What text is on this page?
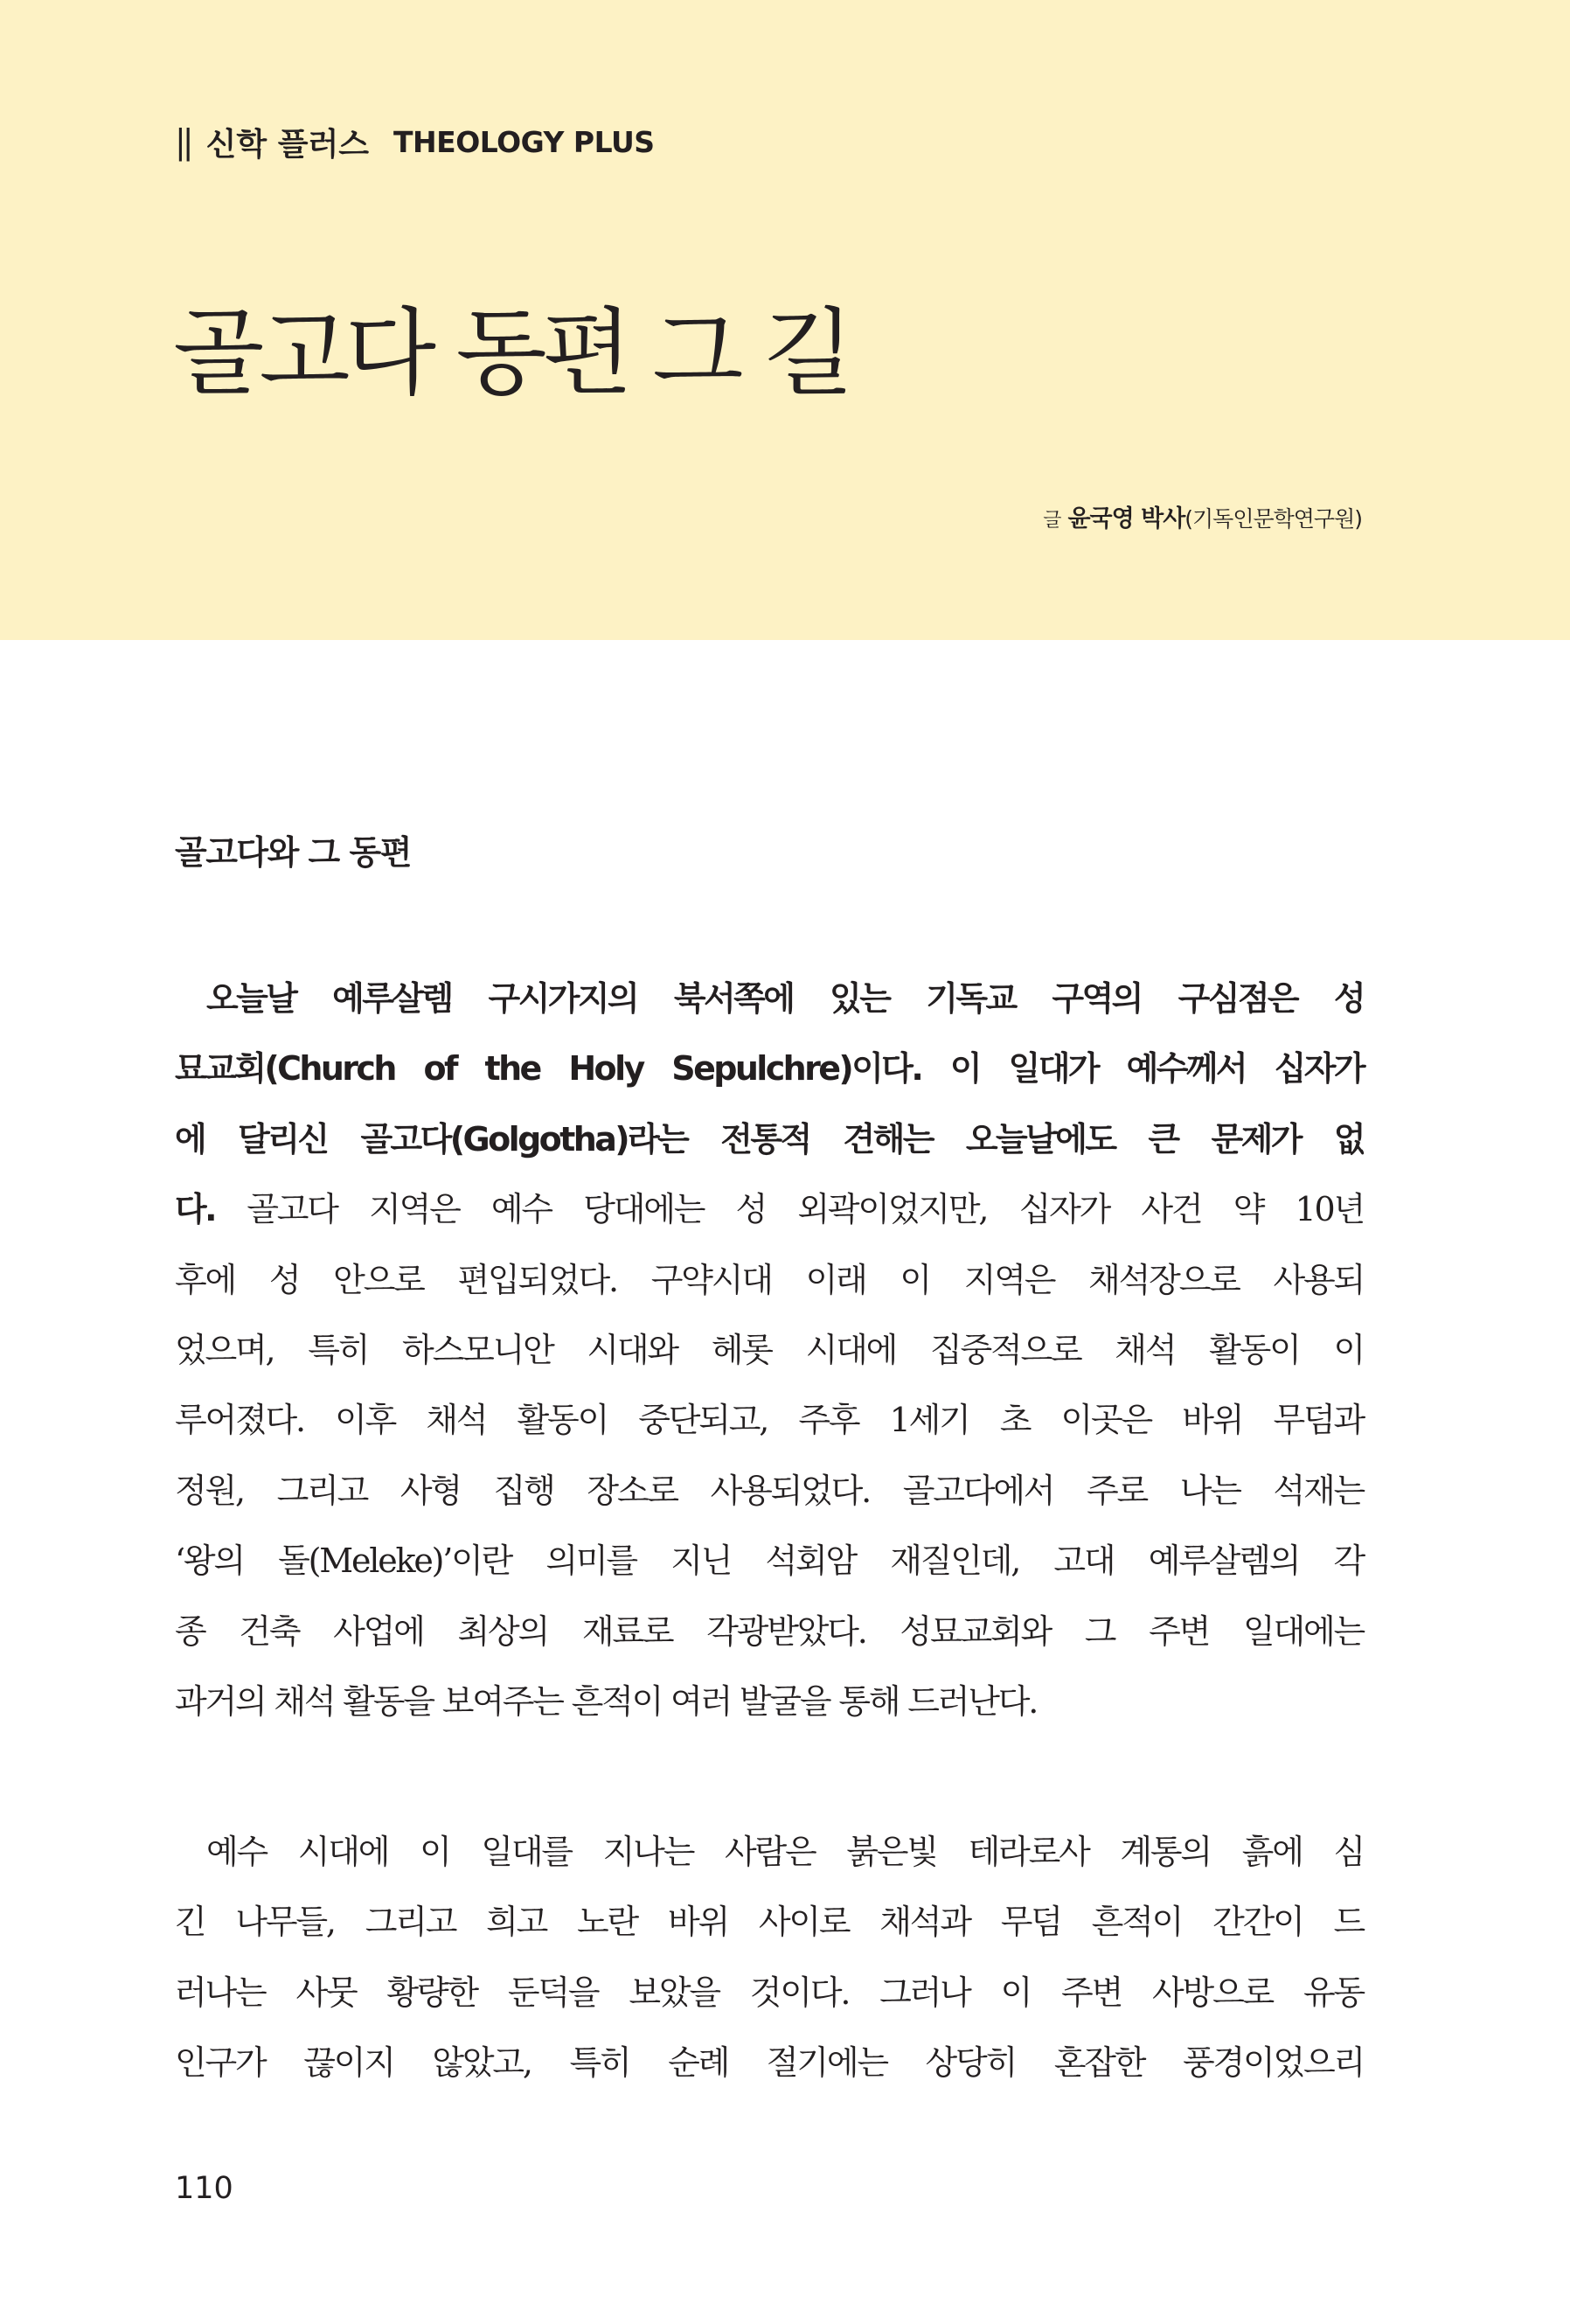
|| 신학 플러스 THEOLOGY PLUS
골고다 동편 그 길
글 윤국영 박사(기독인문학연구원)
골고다와 그 동편
오늘날 예루살렘 구시가지의 북서쪽에 있는 기독교 구역의 구심점은 성
묘교회(Church of the Holy Sepulchre)이다. 이 일대가 예수께서 십자가
에 달리신 골고다(Golgotha)라는 전통적 견해는 오늘날에도 큰 문제가 없
다. 골고다 지역은 예수 당대에는 성 외곽이었지만, 십자가 사건 약 10년
후에 성 안으로 편입되었다. 구약시대 이래 이 지역은 채석장으로 사용되
었으며, 특히 하스모니안 시대와 헤롯 시대에 집중적으로 채석 활동이 이
루어졌다. 이후 채석 활동이 중단되고, 주후 1세기 초 이곳은 바위 무덤과
정원, 그리고 사형 집행 장소로 사용되었다. 골고다에서 주로 나는 석재는
‘왕의 돌(Meleke)’이란 의미를 지닌 석회암 재질인데, 고대 예루살렘의 각
종 건축 사업에 최상의 재료로 각광받았다. 성묘교회와 그 주변 일대에는
과거의 채석 활동을 보여주는 흔적이 여러 발굴을 통해 드러난다.
예수 시대에 이 일대를 지나는 사람은 붉은빛 테라로사 계통의 흙에 심
긴 나무들, 그리고 희고 노란 바위 사이로 채석과 무덤 흔적이 간간이 드
러나는 사뭇 황량한 둔덕을 보았을 것이다. 그러나 이 주변 사방으로 유동
인구가 끊이지 않았고, 특히 순례 절기에는 상당히 혼잡한 풍경이었으리
110
